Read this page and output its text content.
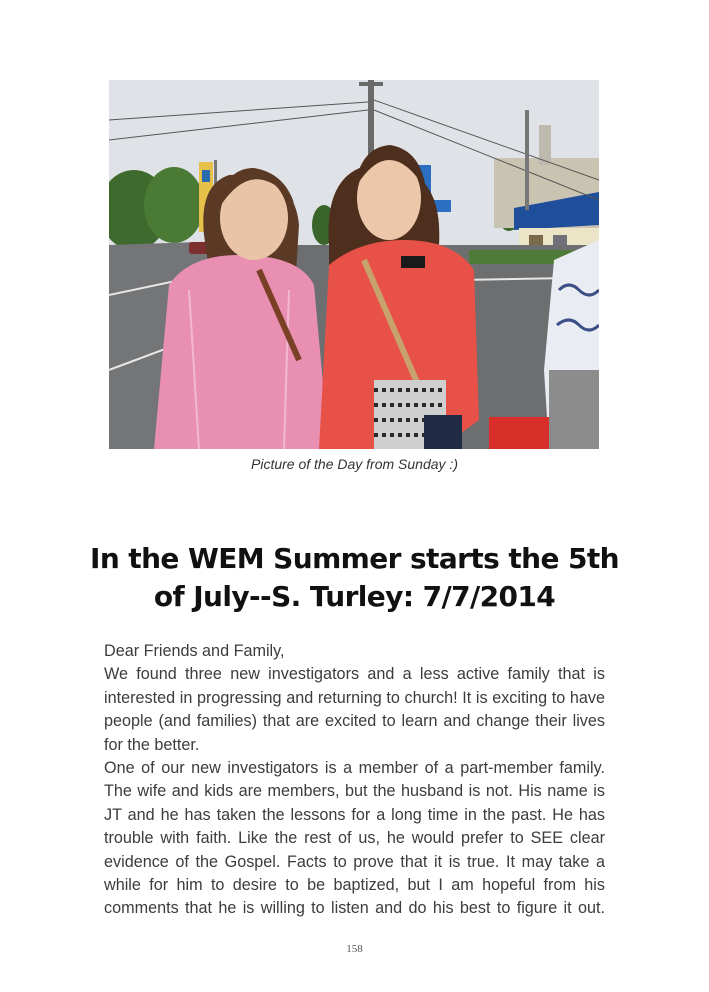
Picture of the Day from Sunday :)
In the WEM Summer starts the 5th of July--S. Turley: 7/7/2014

Dear Friends and Family,

We found three new investigators and a less active family that is interested in progressing and returning to church! It is exciting to have people (and families) that are excited to learn and change their lives for the better.

One of our new investigators is a member of a part-member family. The wife and kids are members, but the husband is not. His name is JT and he has taken the lessons for a long time in the past. He has trouble with faith. Like the rest of us, he would prefer to SEE clear evidence of the Gospel. Facts to prove that it is true. It may take a while for him to desire to be baptized, but I am hopeful from his comments that he is willing to listen and do his best to figure it out.

158
